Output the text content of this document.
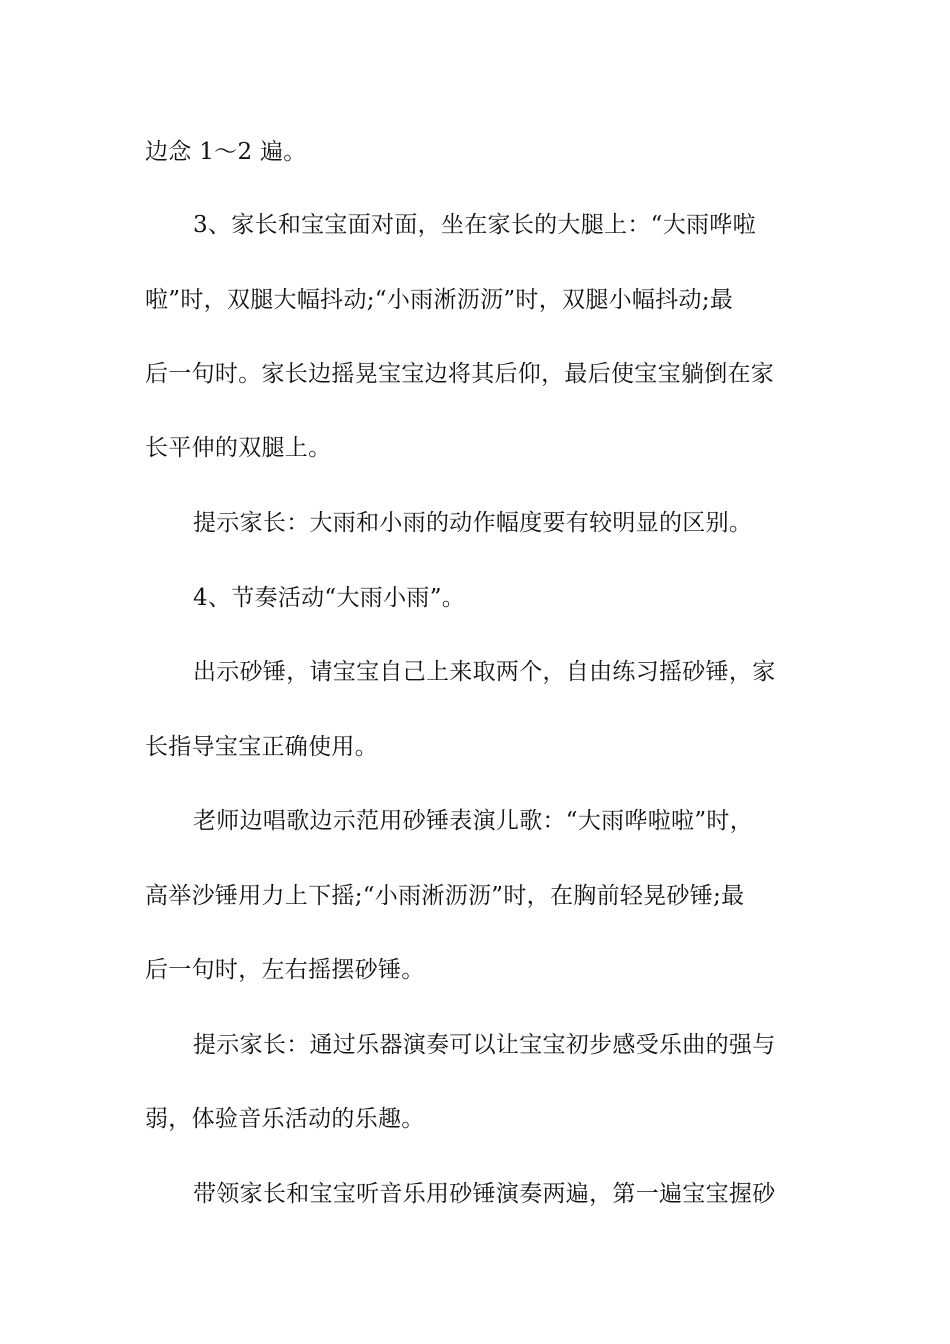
边念 1～2 遍。
3、家长和宝宝面对面，坐在家长的大腿上：“大雨哗啦
啦”时，双腿大幅抖动;“小雨淅沥沥”时，双腿小幅抖动;最
后一句时。家长边摇晃宝宝边将其后仰，最后使宝宝躺倒在家
长平伸的双腿上。
提示家长：大雨和小雨的动作幅度要有较明显的区别。
4、节奏活动“大雨小雨”。
出示砂锤，请宝宝自己上来取两个，自由练习摇砂锤，家
长指导宝宝正确使用。
老师边唱歌边示范用砂锤表演儿歌：“大雨哗啦啦”时，
高举沙锤用力上下摇;“小雨淅沥沥”时，在胸前轻晃砂锤;最
后一句时，左右摇摆砂锤。
提示家长：通过乐器演奏可以让宝宝初步感受乐曲的强与
弱，体验音乐活动的乐趣。
带领家长和宝宝听音乐用砂锤演奏两遍，第一遍宝宝握砂
